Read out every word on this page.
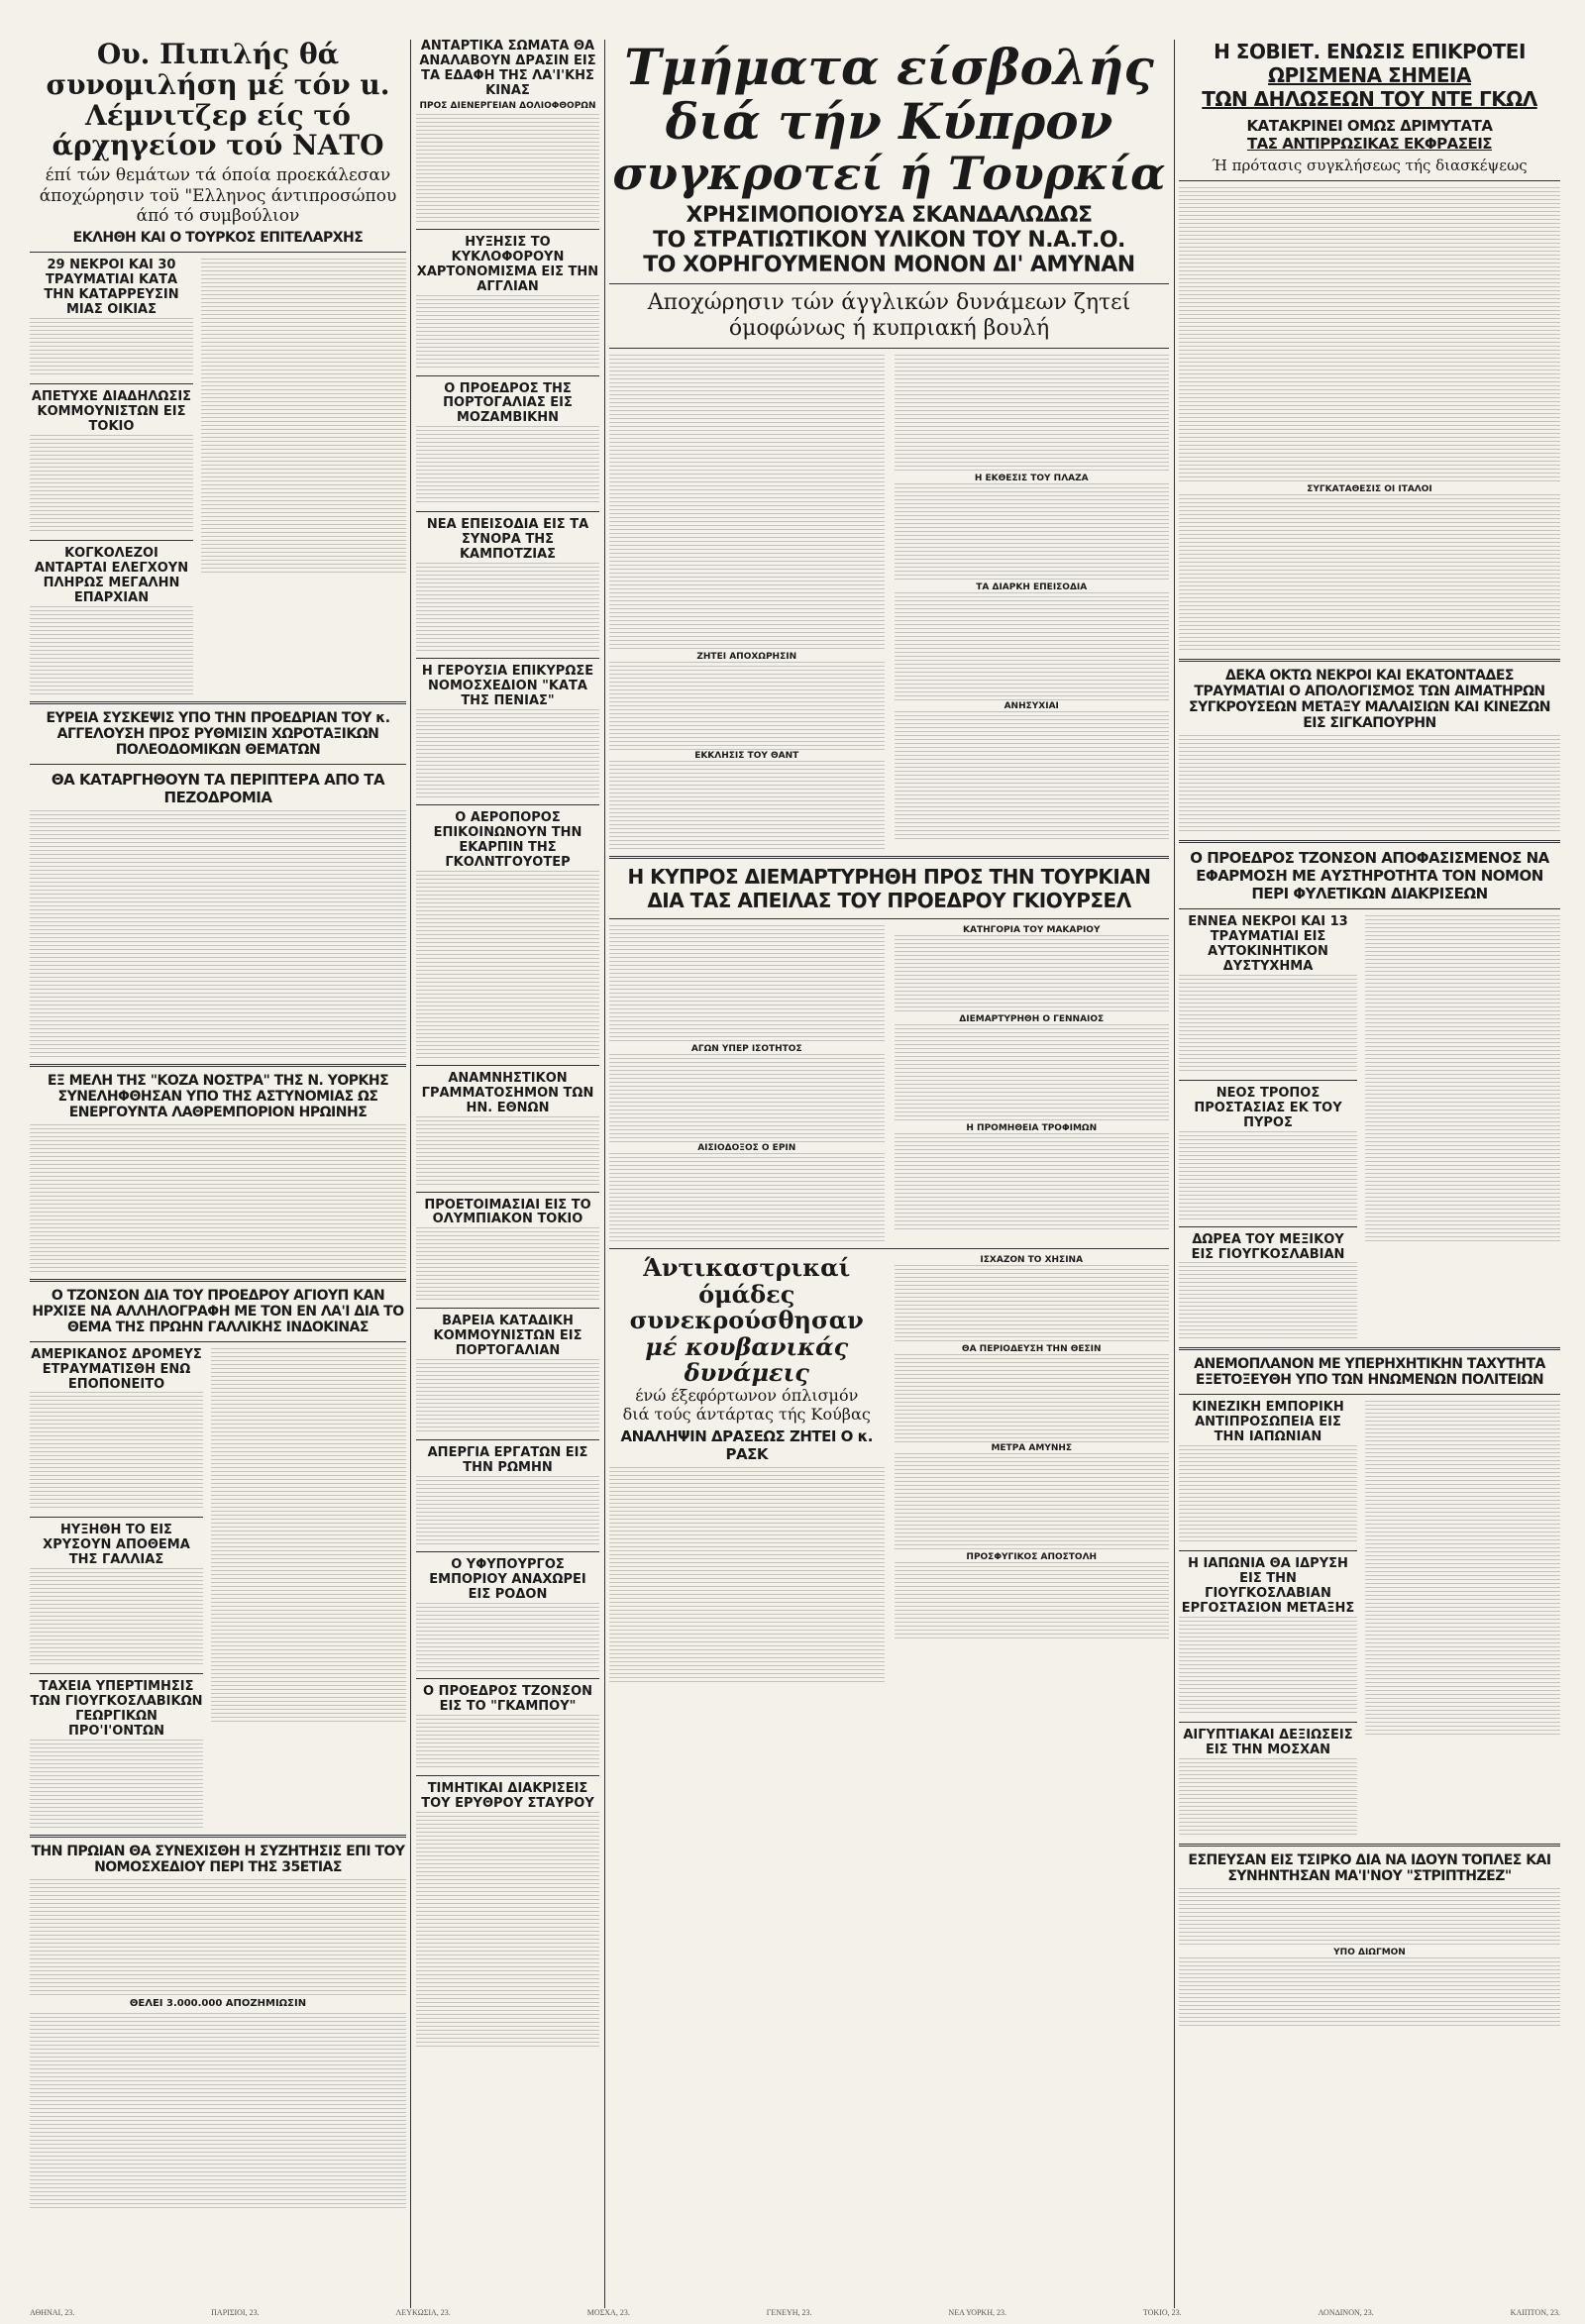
Ου. Πιπιλής θά συνομιλήση μέ τόν u. Λέμνιτζερ είς τό άρχηγείον τού ΝΑΤΟ
έπί τών θεμάτων τά όποία προεκάλεσαν άποχώρησιν τοϋ "Ελληνος άντιπροσώπου άπό τό συμβούλιον
ΕΚΛΗΘΗ ΚΑΙ Ο ΤΟΥΡΚΟΣ ΕΠΙΤΕΛΑΡΧΗΣ
29 ΝΕΚΡΟΙ ΚΑΙ 30 ΤΡΑΥΜΑΤΙΑΙ ΚΑΤΑ ΤΗΝ ΚΑΤΑΡΡΕΥΣΙΝ ΜΙΑΣ ΟΙΚΙΑΣ
ΑΠΕΤΥΧΕ ΔΙΑΔΗΛΩΣΙΣ ΚΟΜΜΟΥΝΙΣΤΩΝ ΕΙΣ ΤΟΚΙΟ
ΚΟΓΚΟΛΕΖΟΙ ΑΝΤΑΡΤΑΙ ΕΛΕΓΧΟΥΝ ΠΛΗΡΩΣ ΜΕΓΑΛΗΝ ΕΠΑΡΧΙΑΝ
ΕΥΡΕΙΑ ΣΥΣΚΕΨΙΣ ΥΠΟ ΤΗΝ ΠΡΟΕΔΡΙΑΝ ΤΟΥ κ. ΑΓΓΕΛΟΥΣΗ ΠΡΟΣ ΡΥΘΜΙΣΙΝ ΧΩΡΟΤΑΞΙΚΩΝ ΠΟΛΕΟΔΟΜΙΚΩΝ ΘΕΜΑΤΩΝ
ΘΑ ΚΑΤΑΡΓΗΘΟΥΝ ΤΑ ΠΕΡΙΠΤΕΡΑ ΑΠΟ ΤΑ ΠΕΖΟΔΡΟΜΙΑ
ΕΞ ΜΕΛΗ ΤΗΣ "ΚΟΖΑ ΝΟΣΤΡΑ" ΤΗΣ Ν. ΥΟΡΚΗΣ ΣΥΝΕΛΗΦΘΗΣΑΝ ΥΠΟ ΤΗΣ ΑΣΤΥΝΟΜΙΑΣ ΩΣ ΕΝΕΡΓΟΥΝΤΑ ΛΑΘΡΕΜΠΟΡΙΟΝ ΗΡΩΙΝΗΣ
Ο ΤΖΟΝΣΟΝ ΔΙΑ ΤΟΥ ΠΡΟΕΔΡΟΥ ΑΓΙΟΥΠ ΚΑΝ ΗΡΧΙΣΕ ΝΑ ΑΛΛΗΛΟΓΡΑΦΗ ΜΕ ΤΟΝ ΕΝ ΛΑ'Ι ΔΙΑ ΤΟ ΘΕΜΑ ΤΗΣ ΠΡΩΗΝ ΓΑΛΛΙΚΗΣ ΙΝΔΟΚΙΝΑΣ
ΑΜΕΡΙΚΑΝΟΣ ΔΡΟΜΕΥΣ ΕΤΡΑΥΜΑΤΙΣΘΗ ΕΝΩ ΕΠΟΠΟΝΕΙΤΟ
ΗΥΞΗΘΗ ΤΟ ΕΙΣ ΧΡΥΣΟΥΝ ΑΠΟΘΕΜΑ ΤΗΣ ΓΑΛΛΙΑΣ
ΤΑΧΕΙΑ ΥΠΕΡΤΙΜΗΣΙΣ ΤΩΝ ΓΙΟΥΓΚΟΣΛΑΒΙΚΩΝ ΓΕΩΡΓΙΚΩΝ ΠΡΟ'Ι'ΟΝΤΩΝ
ΤΗΝ ΠΡΩΙΑΝ ΘΑ ΣΥΝΕΧΙΣΘΗ Η ΣΥΖΗΤΗΣΙΣ ΕΠΙ ΤΟΥ ΝΟΜΟΣΧΕΔΙΟΥ ΠΕΡΙ ΤΗΣ 35ΕΤΙΑΣ
ΘΕΛΕΙ 3.000.000 ΑΠΟΖΗΜΙΩΣΙΝ
ΑΝΤΑΡΤΙΚΑ ΣΩΜΑΤΑ ΘΑ ΑΝΑΛΑΒΟΥΝ ΔΡΑΣΙΝ ΕΙΣ ΤΑ ΕΔΑΦΗ ΤΗΣ ΛΑ'Ι'ΚΗΣ ΚΙΝΑΣ
ΠΡΟΣ ΔΙΕΝΕΡΓΕΙΑΝ ΔΟΛΙΟΦΘΟΡΩΝ
ΗΥΞΗΣΙΣ ΤΟ ΚΥΚΛΟΦΟΡΟΥΝ ΧΑΡΤΟΝΟΜΙΣΜΑ ΕΙΣ ΤΗΝ ΑΓΓΛΙΑΝ
Ο ΠΡΟΕΔΡΟΣ ΤΗΣ ΠΟΡΤΟΓΑΛΙΑΣ ΕΙΣ ΜΟΖΑΜΒΙΚΗΝ
ΝΕΑ ΕΠΕΙΣΟΔΙΑ ΕΙΣ ΤΑ ΣΥΝΟΡΑ ΤΗΣ ΚΑΜΠΟΤΖΙΑΣ
Η ΓΕΡΟΥΣΙΑ ΕΠΙΚΥΡΩΣΕ ΝΟΜΟΣΧΕΔΙΟΝ "ΚΑΤΑ ΤΗΣ ΠΕΝΙΑΣ"
Ο ΑΕΡΟΠΟΡΟΣ ΕΠΙΚΟΙΝΩΝΟΥΝ ΤΗΝ ΕΚΑΡΠΙΝ ΤΗΣ ΓΚΟΛΝΤΓΟΥΟΤΕΡ
ΑΝΑΜΝΗΣΤΙΚΟΝ ΓΡΑΜΜΑΤΟΣΗΜΟΝ ΤΩΝ ΗΝ. ΕΘΝΩΝ
ΠΡΟΕΤΟΙΜΑΣΙΑΙ ΕΙΣ ΤΟ ΟΛΥΜΠΙΑΚΟΝ ΤΟΚΙΟ
ΒΑΡΕΙΑ ΚΑΤΑΔΙΚΗ ΚΟΜΜΟΥΝΙΣΤΩΝ ΕΙΣ ΠΟΡΤΟΓΑΛΙΑΝ
ΑΠΕΡΓΙΑ ΕΡΓΑΤΩΝ ΕΙΣ ΤΗΝ ΡΩΜΗΝ
Ο ΥΦΥΠΟΥΡΓΟΣ ΕΜΠΟΡΙΟΥ ΑΝΑΧΩΡΕΙ ΕΙΣ ΡΟΔΟΝ
Ο ΠΡΟΕΔΡΟΣ ΤΖΟΝΣΟΝ ΕΙΣ ΤΟ "ΓΚΑΜΠΟΥ"
ΤΙΜΗΤΙΚΑΙ ΔΙΑΚΡΙΣΕΙΣ ΤΟΥ ΕΡΥΘΡΟΥ ΣΤΑΥΡΟΥ
Τμήματα είσβολής
διά τήν Κύπρον
συγκροτεί ή Τουρκία
ΧΡΗΣΙΜΟΠΟΙΟΥΣΑ ΣΚΑΝΔΑΛΩΔΩΣ
ΤΟ ΣΤΡΑΤΙΩΤΙΚΟΝ ΥΛΙΚΟΝ ΤΟΥ Ν.Α.Τ.Ο.
ΤΟ ΧΟΡΗΓΟΥΜΕΝΟΝ ΜΟΝΟΝ ΔΙ' ΑΜΥΝΑΝ
Αποχώρησιν τών άγγλικών δυνάμεων ζητεί όμοφώνως ή κυπριακή βουλή
ΖΗΤΕΙ ΑΠΟΧΩΡΗΣΙΝ
ΕΚΚΛΗΣΙΣ ΤΟΥ ΘΑΝΤ
Η ΕΚΘΕΣΙΣ ΤΟΥ ΠΛΑΖΑ
ΤΑ ΔΙΑΡΚΗ ΕΠΕΙΣΟΔΙΑ
ΑΝΗΣΥΧΙΑΙ
Η ΚΥΠΡΟΣ ΔΙΕΜΑΡΤΥΡΗΘΗ ΠΡΟΣ ΤΗΝ ΤΟΥΡΚΙΑΝ ΔΙΑ ΤΑΣ ΑΠΕΙΛΑΣ ΤΟΥ ΠΡΟΕΔΡΟΥ ΓΚΙΟΥΡΣΕΛ
ΑΓΩΝ ΥΠΕΡ ΙΣΟΤΗΤΟΣ
ΑΙΣΙΟΔΟΞΟΣ Ο ΕΡΙΝ
ΚΑΤΗΓΟΡΙΑ ΤΟΥ ΜΑΚΑΡΙΟΥ
ΔΙΕΜΑΡΤΥΡΗΘΗ Ο ΓΕΝΝΑΙΟΣ
Η ΠΡΟΜΗΘΕΙΑ ΤΡΟΦΙΜΩΝ
Άντικαστρικαί όμάδες
συνεκρούσθησαν
μέ κουβανικάς δυνάμεις
ένώ έξεφόρτωνον όπλισμόν
διά τούς άντάρτας τής Κούβας
ΑΝΑΛΗΨΙΝ ΔΡΑΣΕΩΣ ΖΗΤΕΙ Ο κ. ΡΑΣΚ
ΙΣΧΑΖΟΝ ΤΟ ΧΗΣΙΝΑ
ΘΑ ΠΕΡΙΟΔΕΥΣΗ ΤΗΝ ΘΕΣΙΝ
ΜΕΤΡΑ ΑΜΥΝΗΣ
ΠΡΟΣΦΥΓΙΚΟΣ ΑΠΟΣΤΟΛΗ
Η ΣΟΒΙΕΤ. ΕΝΩΣΙΣ ΕΠΙΚΡΟΤΕΙ
ΩΡΙΣΜΕΝΑ ΣΗΜΕΙΑ
ΤΩΝ ΔΗΛΩΣΕΩΝ ΤΟΥ ΝΤΕ ΓΚΩΛ
ΚΑΤΑΚΡΙΝΕΙ ΟΜΩΣ ΔΡΙΜΥΤΑΤΑ
ΤΑΣ ΑΝΤΙΡΡΩΣΙΚΑΣ ΕΚΦΡΑΣΕΙΣ
Ή πρότασις συγκλήσεως τής διασκέψεως
ΣΥΓΚΑΤΑΘΕΣΙΣ ΟΙ ΙΤΑΛΟΙ
ΔΕΚΑ ΟΚΤΩ ΝΕΚΡΟΙ ΚΑΙ ΕΚΑΤΟΝΤΑΔΕΣ ΤΡΑΥΜΑΤΙΑΙ Ο ΑΠΟΛΟΓΙΣΜΟΣ ΤΩΝ ΑΙΜΑΤΗΡΩΝ ΣΥΓΚΡΟΥΣΕΩΝ ΜΕΤΑΞΥ ΜΑΛΑΙΣΙΩΝ ΚΑΙ ΚΙΝΕΖΩΝ ΕΙΣ ΣΙΓΚΑΠΟΥΡΗΝ
Ο ΠΡΟΕΔΡΟΣ ΤΖΟΝΣΟΝ ΑΠΟΦΑΣΙΣΜΕΝΟΣ ΝΑ ΕΦΑΡΜΟΣΗ ΜΕ ΑΥΣΤΗΡΟΤΗΤΑ ΤΟΝ ΝΟΜΟΝ ΠΕΡΙ ΦΥΛΕΤΙΚΩΝ ΔΙΑΚΡΙΣΕΩΝ
ΕΝΝΕΑ ΝΕΚΡΟΙ ΚΑΙ 13 ΤΡΑΥΜΑΤΙΑΙ ΕΙΣ ΑΥΤΟΚΙΝΗΤΙΚΟΝ ΔΥΣΤΥΧΗΜΑ
ΝΕΟΣ ΤΡΟΠΟΣ ΠΡΟΣΤΑΣΙΑΣ ΕΚ ΤΟΥ ΠΥΡΟΣ
ΔΩΡΕΑ ΤΟΥ ΜΕΞΙΚΟΥ ΕΙΣ ΓΙΟΥΓΚΟΣΛΑΒΙΑΝ
ΑΝΕΜΟΠΛΑΝΟΝ ΜΕ ΥΠΕΡΗΧΗΤΙΚΗΝ ΤΑΧΥΤΗΤΑ ΕΞΕΤΟΞΕΥΘΗ ΥΠΟ ΤΩΝ ΗΝΩΜΕΝΩΝ ΠΟΛΙΤΕΙΩΝ
ΚΙΝΕΖΙΚΗ ΕΜΠΟΡΙΚΗ ΑΝΤΙΠΡΟΣΩΠΕΙΑ ΕΙΣ ΤΗΝ ΙΑΠΩΝΙΑΝ
Η ΙΑΠΩΝΙΑ ΘΑ ΙΔΡΥΣΗ ΕΙΣ ΤΗΝ ΓΙΟΥΓΚΟΣΛΑΒΙΑΝ ΕΡΓΟΣΤΑΣΙΟΝ ΜΕΤΑΞΗΣ
ΑΙΓΥΠΤΙΑΚΑΙ ΔΕΞΙΩΣΕΙΣ ΕΙΣ ΤΗΝ ΜΟΣΧΑΝ
ΕΣΠΕΥΣΑΝ ΕΙΣ ΤΣΙΡΚΟ ΔΙΑ ΝΑ ΙΔΟΥΝ ΤΟΠΛΕΣ ΚΑΙ ΣΥΝΗΝΤΗΣΑΝ ΜΑ'Ι'ΝΟΥ "ΣΤΡΙΠΤΗΖΕΖ"
ΥΠΟ ΔΙΩΓΜΟΝ
ΑΘΗΝΑΙ, 23.	ΠΑΡΙΣΙΟΙ, 23.	ΛΕΥΚΩΣΙΑ, 23.	ΜΟΣΧΑ, 23.	ΓΕΝΕΥΗ, 23.	ΝΕΑ ΥΟΡΚΗ, 23.	ΤΟΚΙΟ, 23.	ΛΟΝΔΙΝΟΝ, 23.	ΚΑΙΠΤΟΝ, 23.
